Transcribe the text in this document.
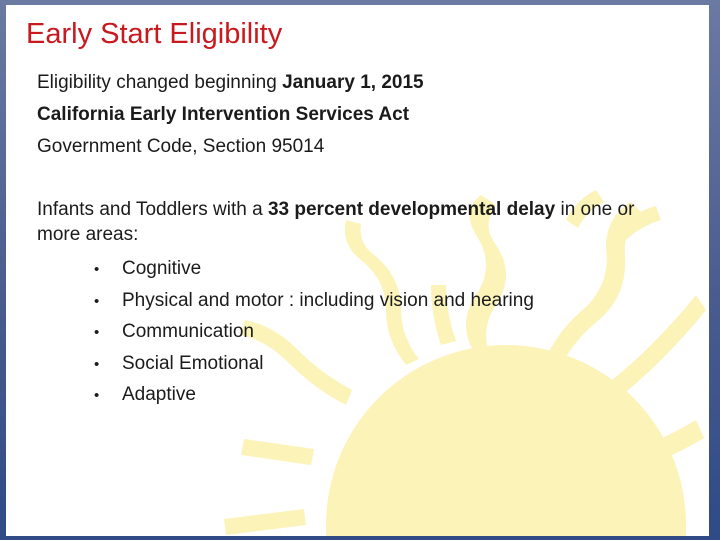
Early Start Eligibility
Eligibility changed beginning January 1, 2015
California Early Intervention Services Act
Government Code, Section 95014
Infants and Toddlers with a 33 percent developmental delay in one or more areas:
• Cognitive
• Physical and motor : including vision and hearing
• Communication
• Social Emotional
• Adaptive
